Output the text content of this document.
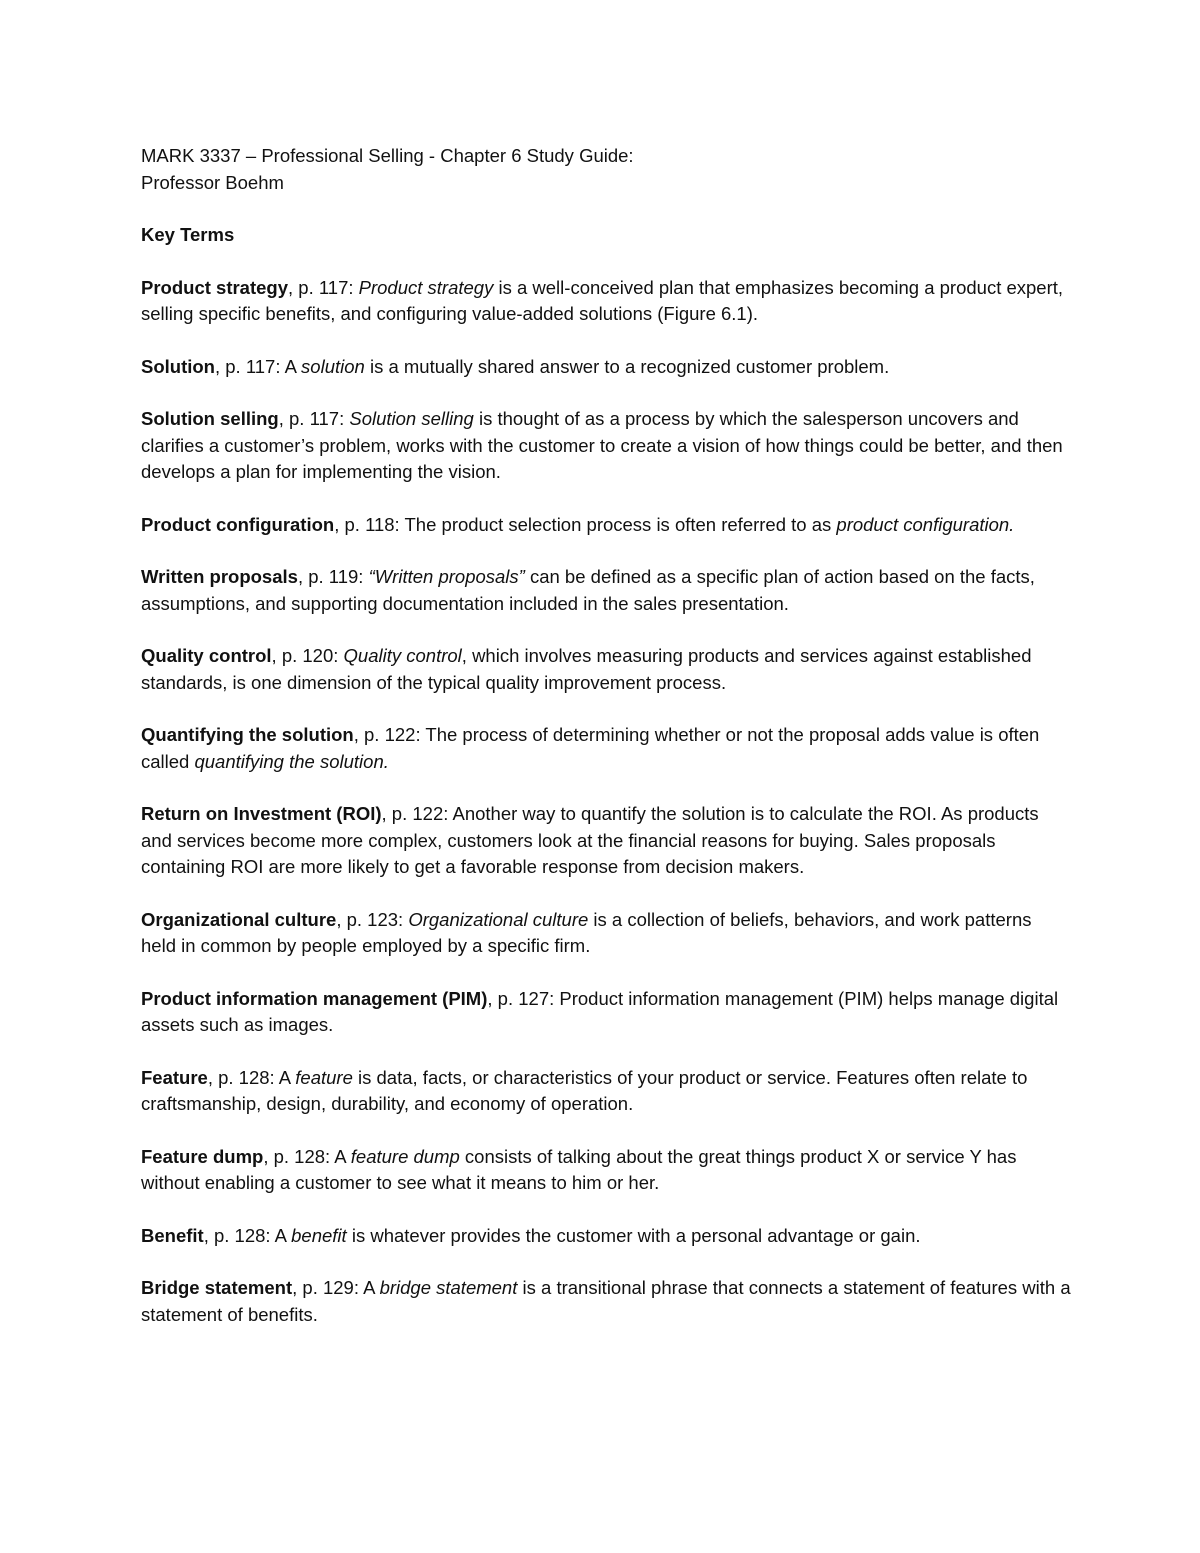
MARK 3337 – Professional Selling - Chapter 6 Study Guide:
Professor Boehm
Key Terms

Product strategy, p. 117: Product strategy is a well-conceived plan that emphasizes becoming a product expert, selling specific benefits, and configuring value-added solutions (Figure 6.1).

Solution, p. 117: A solution is a mutually shared answer to a recognized customer problem.

Solution selling, p. 117: Solution selling is thought of as a process by which the salesperson uncovers and clarifies a customer’s problem, works with the customer to create a vision of how things could be better, and then develops a plan for implementing the vision.

Product configuration, p. 118: The product selection process is often referred to as product configuration.

Written proposals, p. 119: “Written proposals” can be defined as a specific plan of action based on the facts, assumptions, and supporting documentation included in the sales presentation.

Quality control, p. 120: Quality control, which involves measuring products and services against established standards, is one dimension of the typical quality improvement process.

Quantifying the solution, p. 122: The process of determining whether or not the proposal adds value is often called quantifying the solution.

Return on Investment (ROI), p. 122: Another way to quantify the solution is to calculate the ROI. As products and services become more complex, customers look at the financial reasons for buying. Sales proposals containing ROI are more likely to get a favorable response from decision makers.

Organizational culture, p. 123: Organizational culture is a collection of beliefs, behaviors, and work patterns held in common by people employed by a specific firm.

Product information management (PIM), p. 127: Product information management (PIM) helps manage digital assets such as images.

Feature, p. 128: A feature is data, facts, or characteristics of your product or service. Features often relate to craftsmanship, design, durability, and economy of operation.

Feature dump, p. 128: A feature dump consists of talking about the great things product X or service Y has without enabling a customer to see what it means to him or her.

Benefit, p. 128: A benefit is whatever provides the customer with a personal advantage or gain.

Bridge statement, p. 129: A bridge statement is a transitional phrase that connects a statement of features with a statement of benefits.
